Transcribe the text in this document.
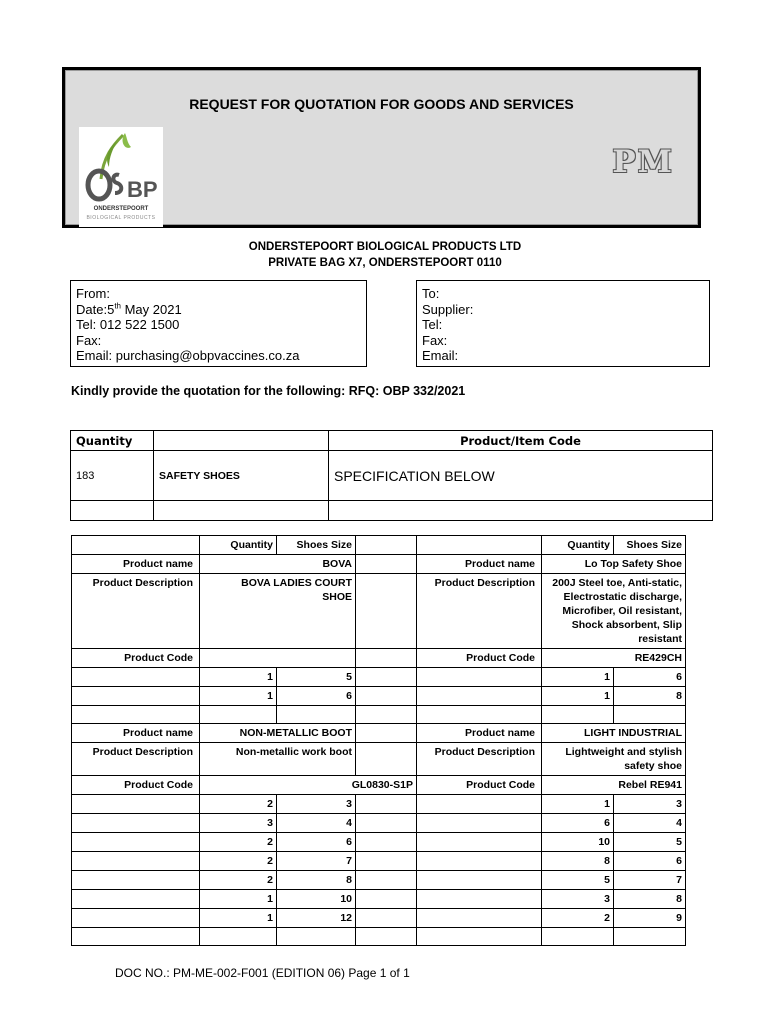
REQUEST FOR QUOTATION FOR GOODS AND SERVICES
BP
ONDERSTEPOORT
BIOLOGICAL PRODUCTS
PM
ONDERSTEPOORT BIOLOGICAL PRODUCTS LTD
PRIVATE BAG X7, ONDERSTEPOORT 0110
From:
Date:5th May 2021
Tel: 012 522 1500
Fax:
Email: purchasing@obpvaccines.co.za
To:
Supplier:
Tel:
Fax:
Email:
Kindly provide the quotation for the following: RFQ: OBP 332/2021
Quantity		Product/Item Code
183	SAFETY SHOES	SPECIFICATION BELOW

	Quantity	Shoes Size			Quantity	Shoes Size
Product name	BOVA			Product name	Lo Top Safety Shoe	
Product Description	BOVA LADIES COURT SHOE			Product Description	200J Steel toe, Anti-static, Electrostatic discharge, Microfiber, Oil resistant, Shock absorbent, Slip resistant	
Product Code				Product Code	RE429CH	
	1	5			1	6
	1	6			1	8

Product name	NON-METALLIC BOOT			Product name	LIGHT INDUSTRIAL	
Product Description	Non-metallic work boot			Product Description	Lightweight and stylish safety shoe	
Product Code	GL0830-S1P			Product Code	Rebel RE941	
	2	3			1	3
	3	4			6	4
	2	6			10	5
	2	7			8	6
	2	8			5	7
	1	10			3	8
	1	12			2	9

DOC NO.: PM-ME-002-F001 (EDITION 06) Page 1 of 1
